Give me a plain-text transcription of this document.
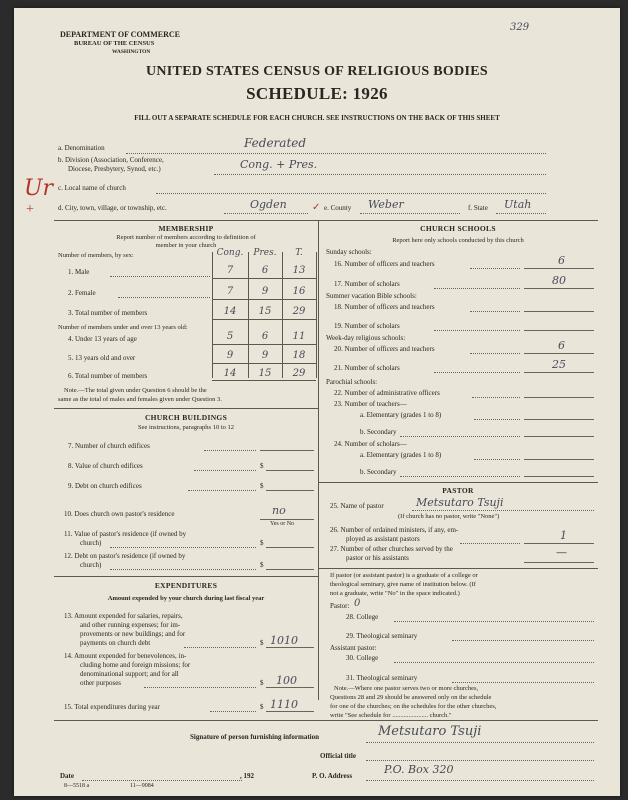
329
DEPARTMENT OF COMMERCE
BUREAU OF THE CENSUS
WASHINGTON
UNITED STATES CENSUS OF RELIGIOUS BODIES
SCHEDULE: 1926
FILL OUT A SEPARATE SCHEDULE FOR EACH CHURCH. SEE INSTRUCTIONS ON THE BACK OF THIS SHEET
Ur
+
a. Denomination	Federated
b. Division (Association, Conference,
Diocese, Presbytery, Synod, etc.)	Cong. + Pres.
c. Local name of church
d. City, town, village, or township, etc.	Ogden	✓ e. County Weber	f. State Utah
MEMBERSHIP
Report number of members according to definition of
member in your church
Number of members, by sex:	Cong.	Pres.	T.
1. Male	7	6	13
2. Female	7	9	16
3. Total number of members	14	15	29
Number of members under and over 13 years old:
4. Under 13 years of age	5	6	11
5. 13 years old and over	9	9	18
6. Total number of members	14	15	29
Note.—The total given under Question 6 should be the
same as the total of males and females given under Question 3.
CHURCH BUILDINGS
See instructions, paragraphs 10 to 12
7. Number of church edifices
8. Value of church edifices	$
9. Debt on church edifices	$
10. Does church own pastor's residence	no
Yes or No
11. Value of pastor's residence (if owned by
church)	$
12. Debt on pastor's residence (if owned by
church)	$
EXPENDITURES
Amount expended by your church during last fiscal year
13. Amount expended for salaries, repairs,
and other running expenses; for im-
provements or new buildings; and for
payments on church debt	$ 1010
14. Amount expended for benevolences, in-
cluding home and foreign missions; for
denominational support; and for all
other purposes	$ 100
15. Total expenditures during year	$ 1110
CHURCH SCHOOLS
Report here only schools conducted by this church
Sunday schools:
16. Number of officers and teachers	6
17. Number of scholars	80
Summer vacation Bible schools:
18. Number of officers and teachers
19. Number of scholars
Week-day religious schools:
20. Number of officers and teachers	6
21. Number of scholars	25
Parochial schools:
22. Number of administrative officers
23. Number of teachers—
a. Elementary (grades 1 to 8)
b. Secondary
24. Number of scholars—
a. Elementary (grades 1 to 8)
b. Secondary
PASTOR
25. Name of pastor	Metsutaro Tsuji
(If church has no pastor, write "None")
26. Number of ordained ministers, if any, em-
ployed as assistant pastors	1
27. Number of other churches served by the
pastor or his assistants	—
If pastor (or assistant pastor) is a graduate of a college or
theological seminary, give name of institution below. (If
not a graduate, write "No" in the space indicated.)
Pastor: 0
28. College
29. Theological seminary
Assistant pastor:
30. College
31. Theological seminary
Note.—Where one pastor serves two or more churches,
Questions 28 and 29 should be answered only on the schedule
for one of the churches; on the schedules for the other churches,
write "See schedule for ...................... church."
Signature of person furnishing information	Metsutaro Tsuji
Official title
Date	, 192	P. O. Address	P.O. Box 320
8—5518 a	11—9084
